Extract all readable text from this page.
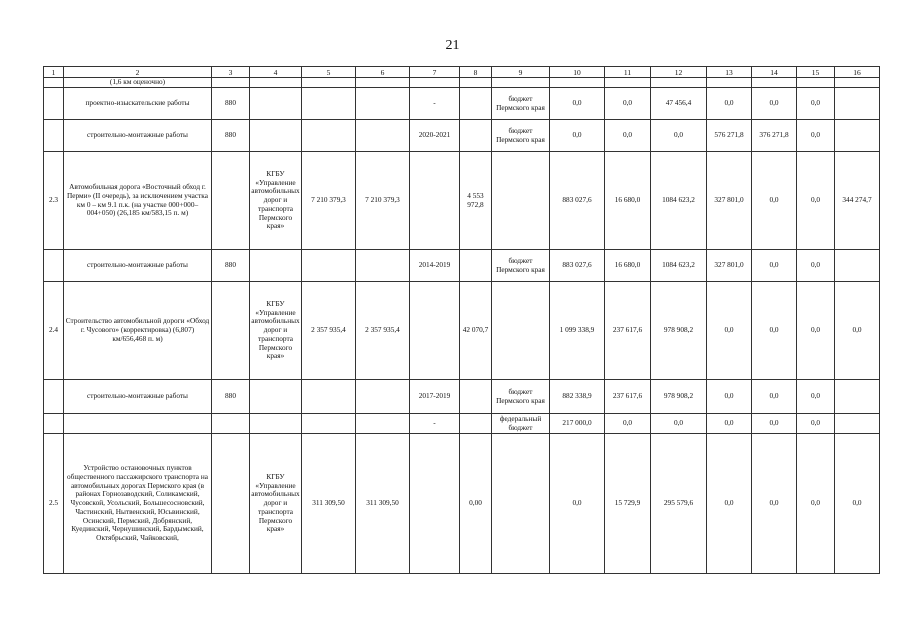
21
1	2	3	4	5	6	7	8	9	10	11	12	13	14	15	16
	(1,6 км оценочно)														
	проектно-изыскательские работы	880				-		бюджет Пермского края	0,0	0,0	47 456,4	0,0	0,0	0,0	
	строительно-монтажные работы	880				2020-2021		бюджет Пермского края	0,0	0,0	0,0	576 271,8	376 271,8	0,0	
2.3	Автомобильная дорога «Восточный обход г. Перми» (II очередь), за исключением участка км 0 – км 9.1 п.к. (на участке 000+000– 004+050) (26,185 км/583,15 п. м)		КГБУ «Управление автомобильных дорог и транспорта Пермского края»	7 210 379,3	7 210 379,3		4 553 972,8		883 027,6	16 680,0	1084 623,2	327 801,0	0,0	0,0	344 274,7
	строительно-монтажные работы	880				2014-2019		бюджет Пермского края	883 027,6	16 680,0	1084 623,2	327 801,0	0,0	0,0	
2.4	Строительство автомобильной дороги «Обход г. Чусового» (корректировка) (6,807) км/656,468 п. м)		КГБУ «Управление автомобильных дорог и транспорта Пермского края»	2 357 935,4	2 357 935,4		42 070,7		1 099 338,9	237 617,6	978 908,2	0,0	0,0	0,0	0,0
	строительно-монтажные работы	880				2017-2019		бюджет Пермского края	882 338,9	237 617,6	978 908,2	0,0	0,0	0,0	
						-		федеральный бюджет	217 000,0	0,0	0,0	0,0	0,0	0,0	
2.5	Устройство остановочных пунктов общественного пассажирского транспорта на автомобильных дорогах Пермского края (в районах Горнозаводский, Соликамский, Чусовской, Усольский, Большесосновский, Частинский, Нытвенский, Юсьвинский, Осинский, Пермский, Добрянский, Куединский, Чернушинский, Бардымский, Октябрьский, Чайковский,		КГБУ «Управление автомобильных дорог и транспорта Пермского края»	311 309,50	311 309,50		0,00		0,0	15 729,9	295 579,6	0,0	0,0	0,0	0,0
